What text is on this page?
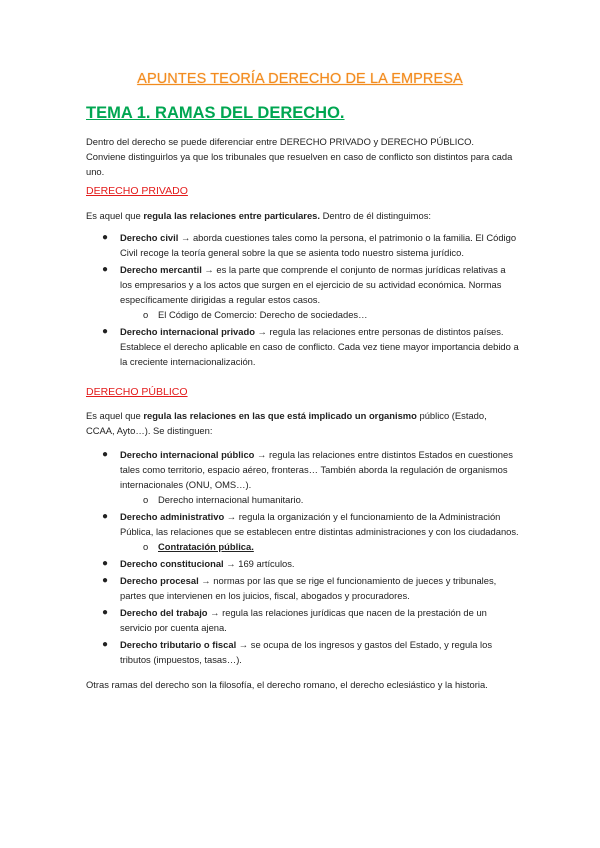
APUNTES TEORÍA DERECHO DE LA EMPRESA
TEMA 1. RAMAS DEL DERECHO.

Dentro del derecho se puede diferenciar entre DERECHO PRIVADO y DERECHO PÚBLICO. Conviene distinguirlos ya que los tribunales que resuelven en caso de conflicto son distintos para cada uno.

DERECHO PRIVADO

Es aquel que regula las relaciones entre particulares. Dentro de él distinguimos:

● Derecho civil → aborda cuestiones tales como la persona, el patrimonio o la familia. El Código Civil recoge la teoría general sobre la que se asienta todo nuestro sistema jurídico.
● Derecho mercantil → es la parte que comprende el conjunto de normas jurídicas relativas a los empresarios y a los actos que surgen en el ejercicio de su actividad económica. Normas específicamente dirigidas a regular estos casos.
o El Código de Comercio: Derecho de sociedades…
● Derecho internacional privado → regula las relaciones entre personas de distintos países. Establece el derecho aplicable en caso de conflicto. Cada vez tiene mayor importancia debido a la creciente internacionalización.
DERECHO PÚBLICO

Es aquel que regula las relaciones en las que está implicado un organismo público (Estado, CCAA, Ayto…). Se distinguen:

● Derecho internacional público → regula las relaciones entre distintos Estados en cuestiones tales como territorio, espacio aéreo, fronteras… También aborda la regulación de organismos internacionales (ONU, OMS…).
o Derecho internacional humanitario.
● Derecho administrativo → regula la organización y el funcionamiento de la Administración Pública, las relaciones que se establecen entre distintas administraciones y con los ciudadanos.
o Contratación pública.
● Derecho constitucional → 169 artículos.
● Derecho procesal → normas por las que se rige el funcionamiento de jueces y tribunales, partes que intervienen en los juicios, fiscal, abogados y procuradores.
● Derecho del trabajo → regula las relaciones jurídicas que nacen de la prestación de un servicio por cuenta ajena.
● Derecho tributario o fiscal → se ocupa de los ingresos y gastos del Estado, y regula los tributos (impuestos, tasas…).

Otras ramas del derecho son la filosofía, el derecho romano, el derecho eclesiástico y la historia.
